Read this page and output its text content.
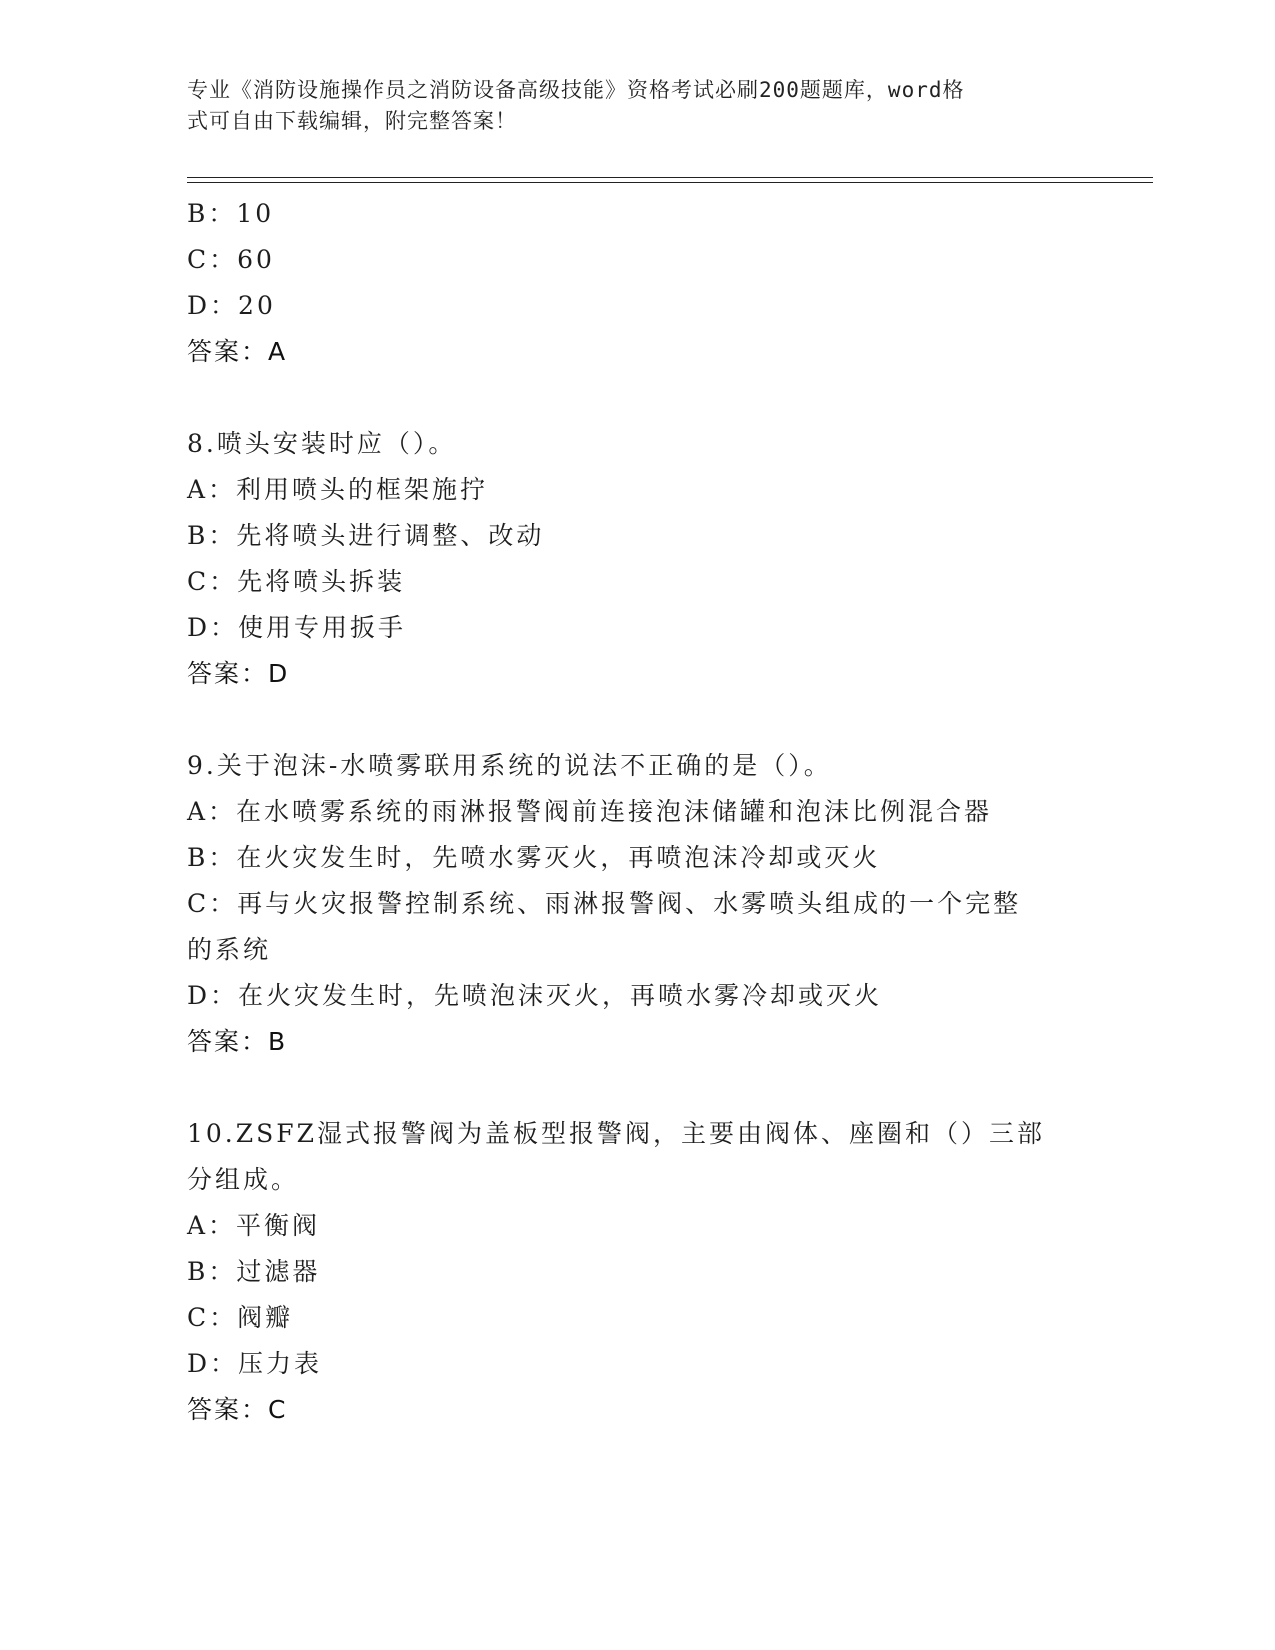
专业《消防设施操作员之消防设备高级技能》资格考试必刷200题题库，word格
式可自由下载编辑，附完整答案！
B：10
C：60
D：20
答案：A
8.喷头安装时应（）。
A：利用喷头的框架施拧
B：先将喷头进行调整、改动
C：先将喷头拆装
D：使用专用扳手
答案：D
9.关于泡沫-水喷雾联用系统的说法不正确的是（）。
A：在水喷雾系统的雨淋报警阀前连接泡沫储罐和泡沫比例混合器
B：在火灾发生时，先喷水雾灭火，再喷泡沫冷却或灭火
C：再与火灾报警控制系统、雨淋报警阀、水雾喷头组成的一个完整的系统
D：在火灾发生时，先喷泡沫灭火，再喷水雾冷却或灭火
答案：B
10.ZSFZ湿式报警阀为盖板型报警阀，主要由阀体、座圈和（）三部分组成。
A：平衡阀
B：过滤器
C：阀瓣
D：压力表
答案：C
